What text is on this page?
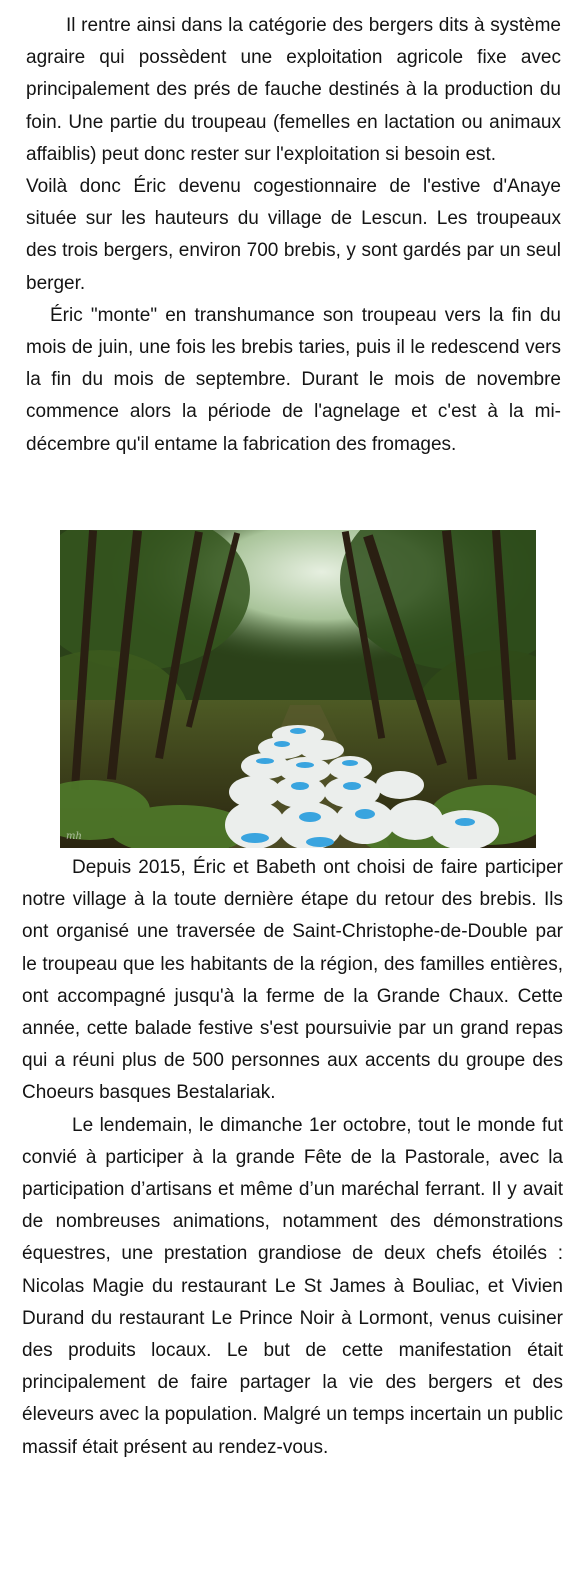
Il rentre ainsi dans la catégorie des bergers dits à système agraire qui possèdent une exploitation agricole fixe avec principalement des prés de fauche destinés à la production du foin. Une partie du troupeau (femelles en lactation ou animaux affaiblis) peut donc rester sur l'exploitation si besoin est.

Voilà donc Éric devenu cogestionnaire de l'estive d'Anaye située sur les hauteurs du village de Lescun. Les troupeaux des trois bergers, environ 700 brebis, y sont gardés par un seul berger.

Éric "monte" en transhumance son troupeau vers la fin du mois de juin, une fois les brebis taries, puis il le redescend vers la fin du mois de septembre. Durant le mois de novembre commence alors la période de l'agnelage et c'est à la mi-décembre qu'il entame la fabrication des fromages.

mh

Depuis 2015, Éric et Babeth ont choisi de faire participer notre village à la toute dernière étape du retour des brebis. Ils ont organisé une traversée de Saint-Christophe-de-Double par le troupeau que les habitants de la région, des familles entières, ont accompagné jusqu'à la ferme de la Grande Chaux. Cette année, cette balade festive s'est poursuivie par un grand repas qui a réuni plus de 500 personnes aux accents du groupe des Choeurs basques Bestalariak.

Le lendemain, le dimanche 1er octobre, tout le monde fut convié à participer à la grande Fête de la Pastorale, avec la participation d’artisans et même d’un maréchal ferrant. Il y avait de nombreuses animations, notamment des démonstrations équestres, une prestation grandiose de deux chefs étoilés : Nicolas Magie du restaurant Le St James à Bouliac, et Vivien Durand du restaurant Le Prince Noir à Lormont, venus cuisiner des produits locaux. Le but de cette manifestation était principalement de faire partager la vie des bergers et des éleveurs avec la population. Malgré un temps incertain un public massif était présent au rendez-vous.
